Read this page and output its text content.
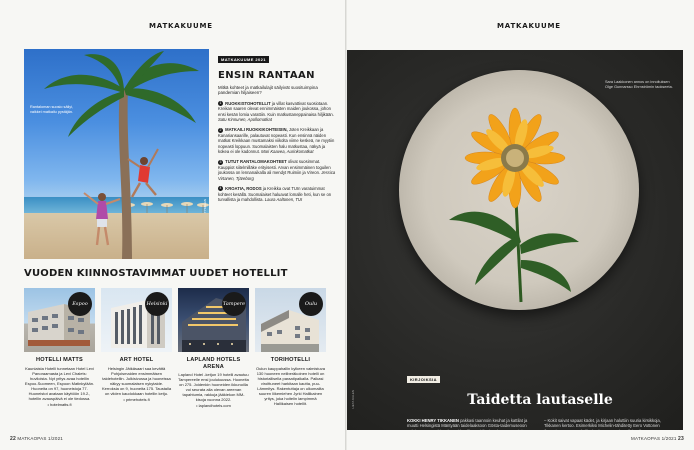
MATKAKUUME
Rantaloman suosio säilyi, vaikkei matkailu pystäjän.
TYKKAAN
MATKAKUUME 2021
ENSIN RANTAAN

Mitkä kohteet ja matkailulajit säilyivät suosituimpina pandemian hiljaiseen?

1 RUOKKISTOHOTELLIT ja villat kasvattivat suosiotaan. Kreikan saaren olevat ennimmäisten maiden joukossa, johon ensi kesän lomia varattiin. Kuin matkustaneppainaisa hiljikään. Satu Kinnunen, Apollomatkat

2 MATKAILI RUOKKIKOHTEISIIN, Joten Kreikkaan ja Kanariansaarille, palautuvat nopeasti. Kun ensinnä näiden matkat Kreikkaan mustamaksi viikolta viime keskeä, ne myytiin nopeasti loppuun. Suomalaisten halu matkustaa, näkyä ja kokea ei ole kadonnut. Mari Kaavea, Aurinkomatkat

3 TUTUT RANTALOMAKOHTEET olivat suosimmat. Kauppiot siitelmilläke erityisesti. Arvan ensimmäinen toguilen joukossa on lennanaikalla ali mendyt Ruimiin ja Vireon. Jessica Virtanen, Tjäreborg

4 KROATIA, RODOS ja Kreikka ovat TUIn varatuimmat kohteet kesällä. Suomalaiset haluavat lomalle heti, kun se on turvallista ja mahdollista. Laura Aaltonen, TUI

VUODEN KIINNOSTAVIMMAT UUDET HOTELLIT
Espoo
HOTELLI MATTS

Kauniaista Hotelli tunnetaan Hotel Levi Panoraamasta ja Levi Chalets: huviloista. Nyt yritys avaa hotellin Espoo-Suomeen, Espoon Matinkylään. Huoneita on 97, huoneistoja 77. Huoneistot avataan käyttöön 19.2., hotellin avauspäivä ei ole tiedossa.

• hotelmatts.fi
Helsinki
ART HOTEL

Helsingin Jätkäsaari saa kevättä Pohjoismaiden ensimmäisen taidehotellin. Julkisivussa ja huoneissa näkyy suomalaisen nykytaide. Kerroksia on 9, huoneita 175. Taustalla on viiden kaudokkaan hotellin ketju.

• primehotels.fi
Tampere
LAPLAND HOTELS ARENA

Lapland Hotel -ketjun 19 hotelli avautuu Tampereelle ensi joulukuussa. Huoneita on 275. Joidenkin huoneiden ikkunoilla voi seurata alla olevan areenan tapahtumia, rakkuja jääkiekon MM-kisoja vuonna 2022.

• laplandhotels.com
Oulu
TORIHOTELLI

Oulun kauppahallin kylkeen valmistuva 130 huoneen neliberäkoinen hotelli on historiallisella paraatipaikalla. Paikasi viroittuneet harkitaan kautta, puu-Lämmitys. Rakentuttaja on ulkomailta suuren liikemiehen Jyrki Hallikainen yritys, joka hoitelin lampimmä Hallikaisen hotellit.

22 MATKAOPAS 1/2021
MATKAKUUME
Sara Laakkonen annos on innoituksen Olge Gunnarsso Ehrnströmin taokseeta.
HETA KULEN
KIRJOIKSIA
Taidetta lautaselle

KOKKI HENRY TIKKANEN pakkasi taannoin keuhat ja kattilat ja muutti Helsingistä Mäntyään taidelaaksoon Gösta-taidemuseoon

– Kokit saivat vapaat kädet, ja kirjaan haluttiin suuria kirsikkoja, Tikkanen kertoo. Esimerkiksi Michelin-tähditetty Eero Vottonen

MATKAOPAS 1/2021 23
